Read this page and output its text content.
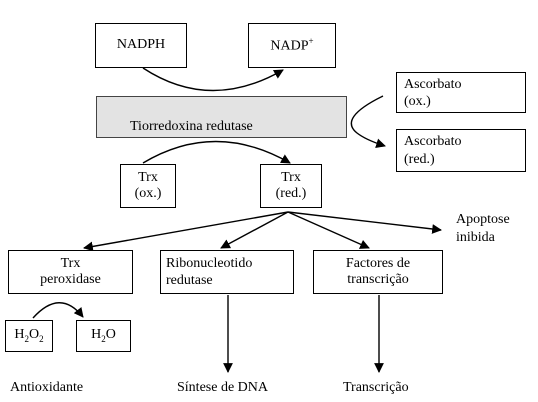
NADPH	NADP+
Tiorredoxina redutase
Ascorbato
(ox.)
Ascorbato
(red.)
Trx
(ox.)
Trx
(red.)
Apoptose
inibida
Trx
peroxidase
Ribonucleotido
redutase
Factores de
transcrição
$H_2O_2$	$H_2O$
Antioxidante	Síntese de DNA	Transcrição
